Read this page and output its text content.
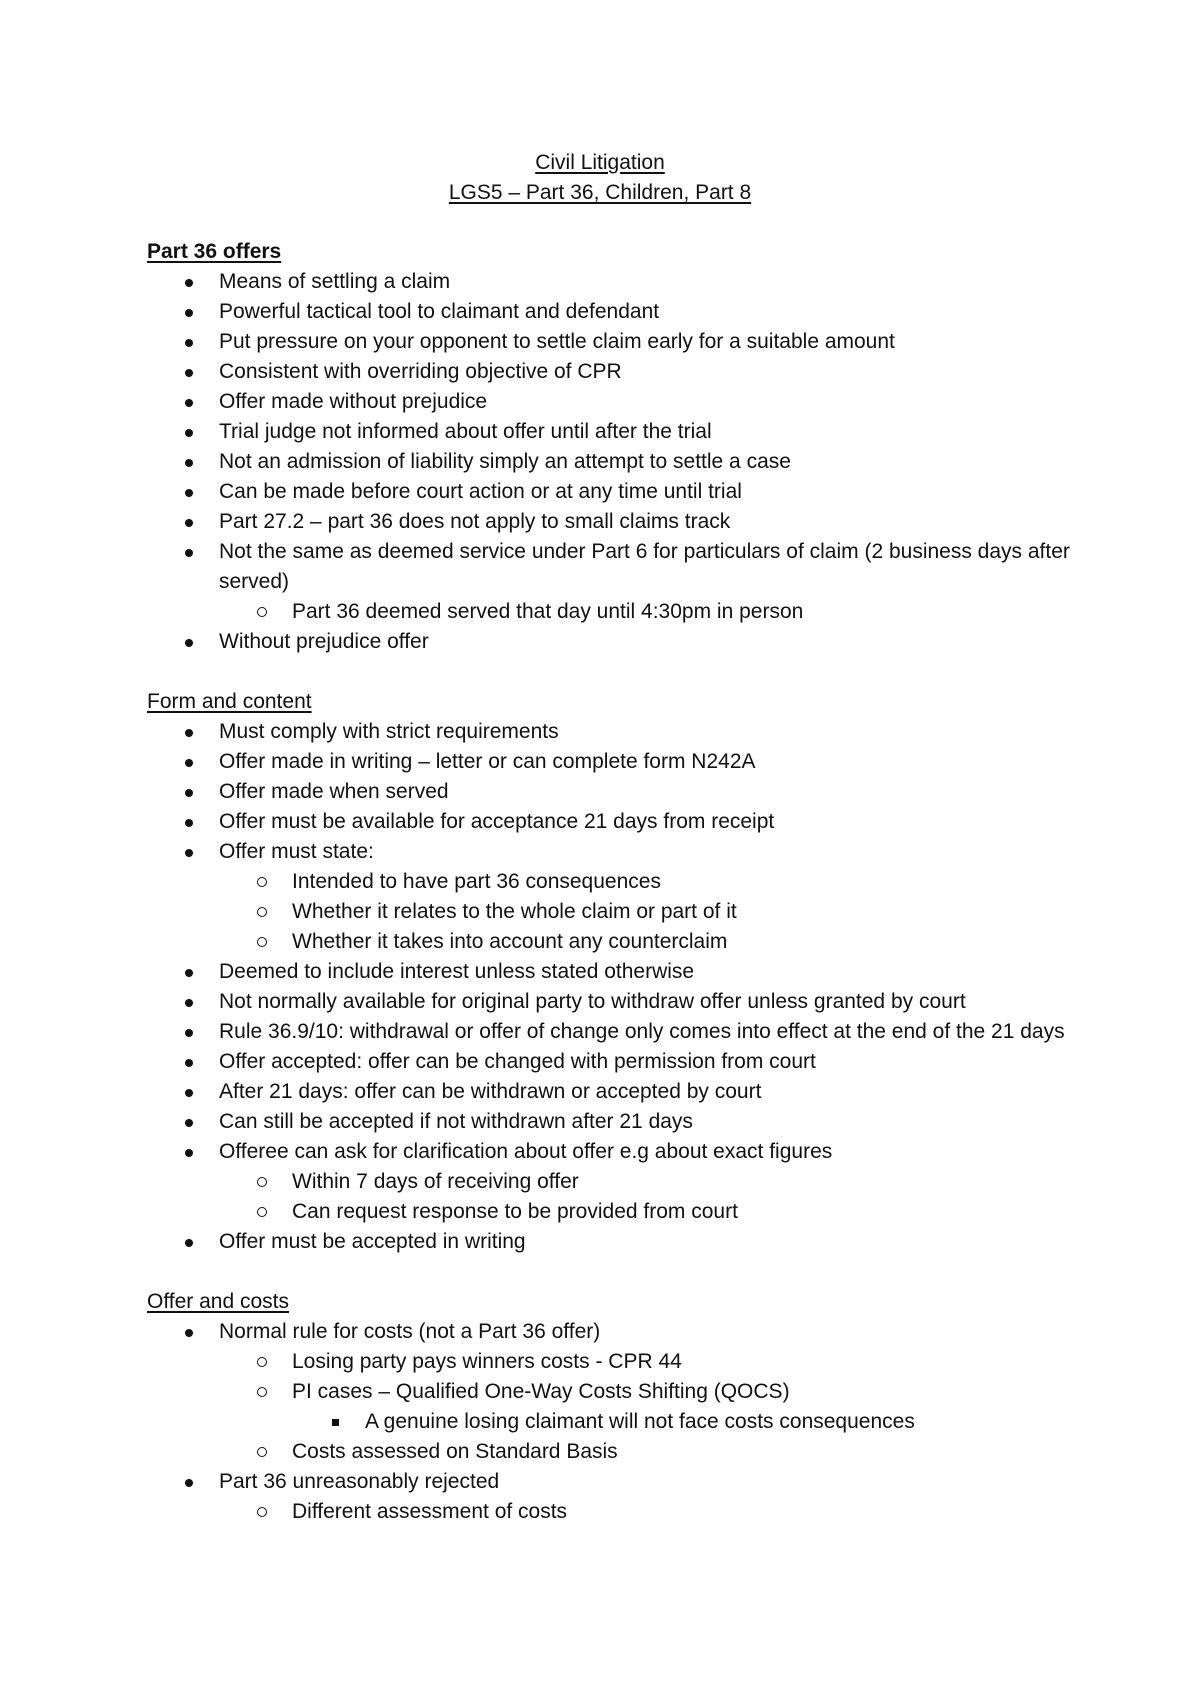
Civil Litigation
LGS5 – Part 36, Children, Part 8
Part 36 offers
Means of settling a claim
Powerful tactical tool to claimant and defendant
Put pressure on your opponent to settle claim early for a suitable amount
Consistent with overriding objective of CPR
Offer made without prejudice
Trial judge not informed about offer until after the trial
Not an admission of liability simply an attempt to settle a case
Can be made before court action or at any time until trial
Part 27.2 – part 36 does not apply to small claims track
Not the same as deemed service under Part 6 for particulars of claim (2 business days after served)
Part 36 deemed served that day until 4:30pm in person
Without prejudice offer
Form and content
Must comply with strict requirements
Offer made in writing – letter or can complete form N242A
Offer made when served
Offer must be available for acceptance 21 days from receipt
Offer must state:
Intended to have part 36 consequences
Whether it relates to the whole claim or part of it
Whether it takes into account any counterclaim
Deemed to include interest unless stated otherwise
Not normally available for original party to withdraw offer unless granted by court
Rule 36.9/10: withdrawal or offer of change only comes into effect at the end of the 21 days
Offer accepted: offer can be changed with permission from court
After 21 days: offer can be withdrawn or accepted by court
Can still be accepted if not withdrawn after 21 days
Offeree can ask for clarification about offer e.g about exact figures
Within 7 days of receiving offer
Can request response to be provided from court
Offer must be accepted in writing
Offer and costs
Normal rule for costs (not a Part 36 offer)
Losing party pays winners costs - CPR 44
PI cases – Qualified One-Way Costs Shifting (QOCS)
A genuine losing claimant will not face costs consequences
Costs assessed on Standard Basis
Part 36 unreasonably rejected
Different assessment of costs
